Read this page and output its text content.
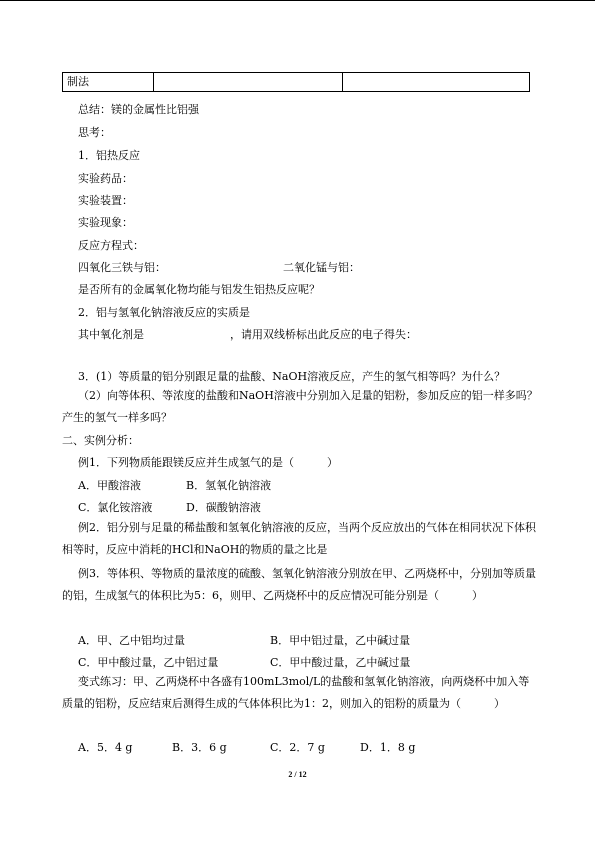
制法		
总结：镁的金属性比铝强
思考：
1．铝热反应
实验药品：
实验装置：
实验现象：
反应方程式：
四氧化三铁与铝：	二氧化锰与铝：
是否所有的金属氧化物均能与铝发生铝热反应呢？
2．铝与氢氧化钠溶液反应的实质是
其中氧化剂是	，请用双线桥标出此反应的电子得失：
3．(1）等质量的铝分别跟足量的盐酸、NaOH溶液反应，产生的氢气相等吗？为什么？
（2）向等体积、等浓度的盐酸和NaOH溶液中分别加入足量的铝粉，参加反应的铝一样多吗？产生的氢气一样多吗？
二、实例分析：
例1．下列物质能跟镁反应并生成氢气的是（　　　）
A．甲酸溶液	B．氢氧化钠溶液
C．氯化铵溶液	D．碳酸钠溶液
例2．铝分别与足量的稀盐酸和氢氧化钠溶液的反应，当两个反应放出的气体在相同状况下体积相等时，反应中消耗的HCl和NaOH的物质的量之比是
例3．等体积、等物质的量浓度的硫酸、氢氧化钠溶液分别放在甲、乙两烧杯中，分别加等质量的铝，生成氢气的体积比为5：6，则甲、乙两烧杯中的反应情况可能分别是（　　　）
A．甲、乙中铝均过量	B．甲中铝过量，乙中碱过量
C．甲中酸过量，乙中铝过量	C．甲中酸过量，乙中碱过量
变式练习：甲、乙两烧杯中各盛有100mL3mol/L的盐酸和氢氧化钠溶液，向两烧杯中加入等质量的铝粉，反应结束后测得生成的气体体积比为1：2，则加入的铝粉的质量为（　　　）
A．5．4 g	B．3．6 g	C．2．7 g	D．1．8 g
2 / 12
